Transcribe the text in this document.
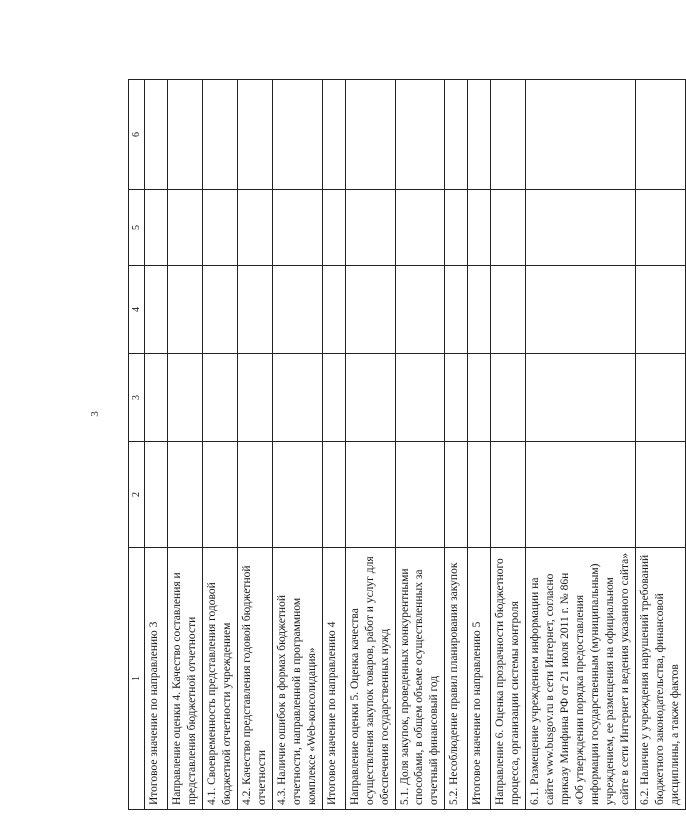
3
1	2	3	4	5	6
Итоговое значение по направлению 3					
Направление оценки 4. Качество составления и представления бюджетной отчетности					
4.1. Своевременность представления годовой бюджетной отчетности учреждением					
4.2. Качество представления годовой бюджетной отчетности					
4.3. Наличие ошибок в формах бюджетной отчетности, направленной в программном комплексе «Web-консолидация»					
Итоговое значение по направлению 4					
Направление оценки 5. Оценка качества осуществления закупок товаров, работ и услуг для обеспечения государственных нужд					
5.1. Доля закупок, проведенных конкурентными способами, в общем объеме осуществленных за отчетный финансовый год					
5.2. Несоблюдение правил планирования закупок					
Итоговое значение по направлению 5					
Направление 6. Оценка прозрачности бюджетного процесса, организации системы контроля					
6.1. Размещение учреждением информации на сайте www.busgov.ru в сети Интернет, согласно приказу Минфина РФ от 21 июля 2011 г. № 86н «Об утверждении порядка предоставления информации государственным (муниципальным) учреждением, ее размещения на официальном сайте в сети Интернет и ведения указанного сайта»					
6.2. Наличие у учреждения нарушений требований бюджетного законодательства, финансовой дисциплины, а также фактов					
